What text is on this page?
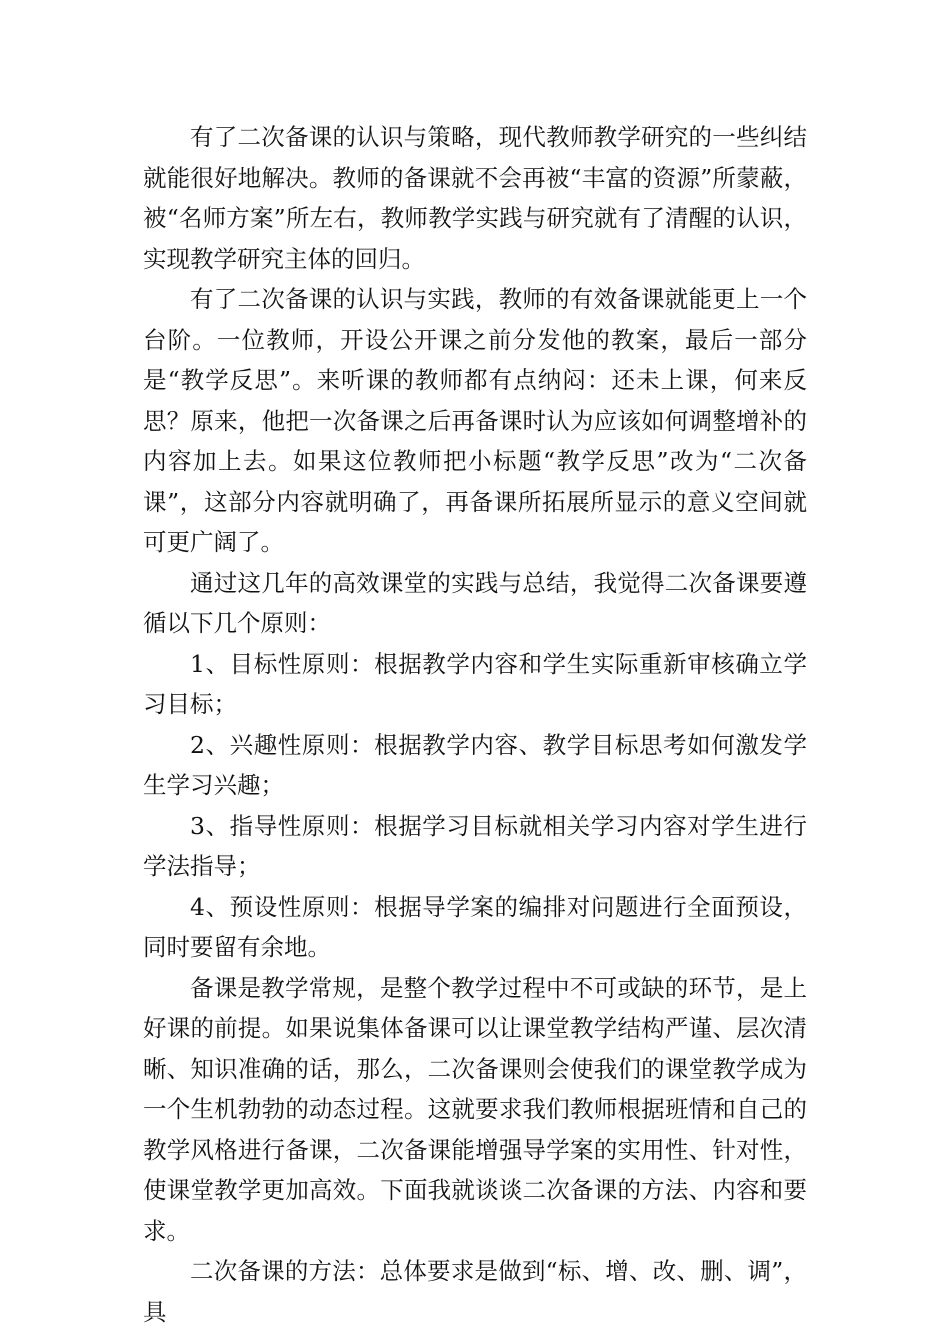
有了二次备课的认识与策略，现代教师教学研究的一些纠结就能很好地解决。教师的备课就不会再被“丰富的资源”所蒙蔽，被“名师方案”所左右，教师教学实践与研究就有了清醒的认识，实现教学研究主体的回归。

有了二次备课的认识与实践，教师的有效备课就能更上一个台阶。一位教师，开设公开课之前分发他的教案，最后一部分是“教学反思”。来听课的教师都有点纳闷：还未上课，何来反思？原来，他把一次备课之后再备课时认为应该如何调整增补的内容加上去。如果这位教师把小标题“教学反思”改为“二次备课”，这部分内容就明确了，再备课所拓展所显示的意义空间就可更广阔了。

通过这几年的高效课堂的实践与总结，我觉得二次备课要遵循以下几个原则：

1、目标性原则：根据教学内容和学生实际重新审核确立学习目标；

2、兴趣性原则：根据教学内容、教学目标思考如何激发学生学习兴趣；

3、指导性原则：根据学习目标就相关学习内容对学生进行学法指导；

4、预设性原则：根据导学案的编排对问题进行全面预设，同时要留有余地。

备课是教学常规，是整个教学过程中不可或缺的环节，是上好课的前提。如果说集体备课可以让课堂教学结构严谨、层次清晰、知识准确的话，那么，二次备课则会使我们的课堂教学成为一个生机勃勃的动态过程。这就要求我们教师根据班情和自己的教学风格进行备课，二次备课能增强导学案的实用性、针对性，使课堂教学更加高效。下面我就谈谈二次备课的方法、内容和要求。

二次备课的方法：总体要求是做到“标、增、改、删、调”，具
